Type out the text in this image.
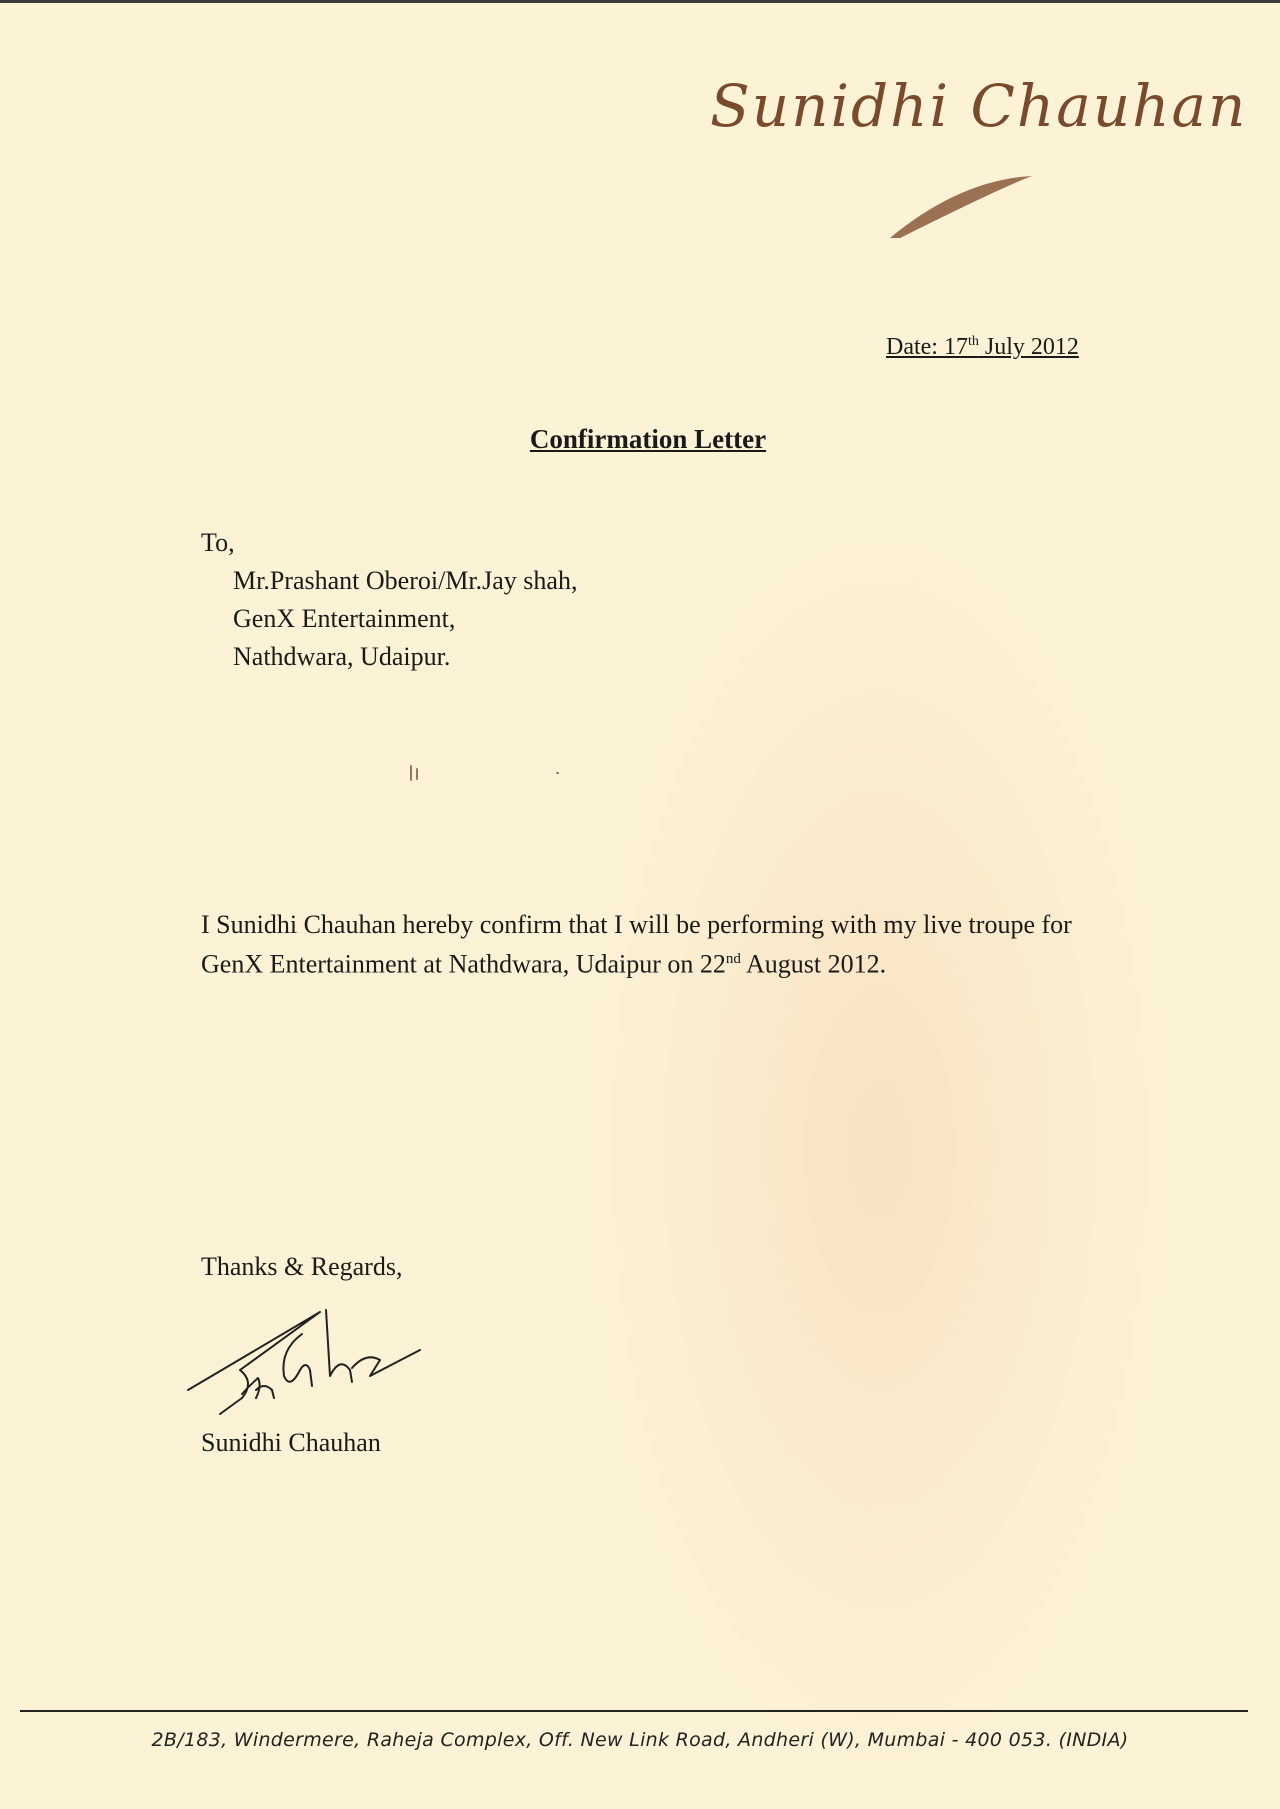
Sunidhi Chauhan
Date: 17th July 2012
Confirmation Letter
To,
Mr.Prashant Oberoi/Mr.Jay shah,
GenX Entertainment,
Nathdwara, Udaipur.
I Sunidhi Chauhan hereby confirm that I will be performing with my live troupe for GenX Entertainment at Nathdwara, Udaipur on 22nd August 2012.
Thanks & Regards,
Sunidhi Chauhan
2B/183, Windermere, Raheja Complex, Off. New Link Road, Andheri (W), Mumbai - 400 053. (INDIA)
